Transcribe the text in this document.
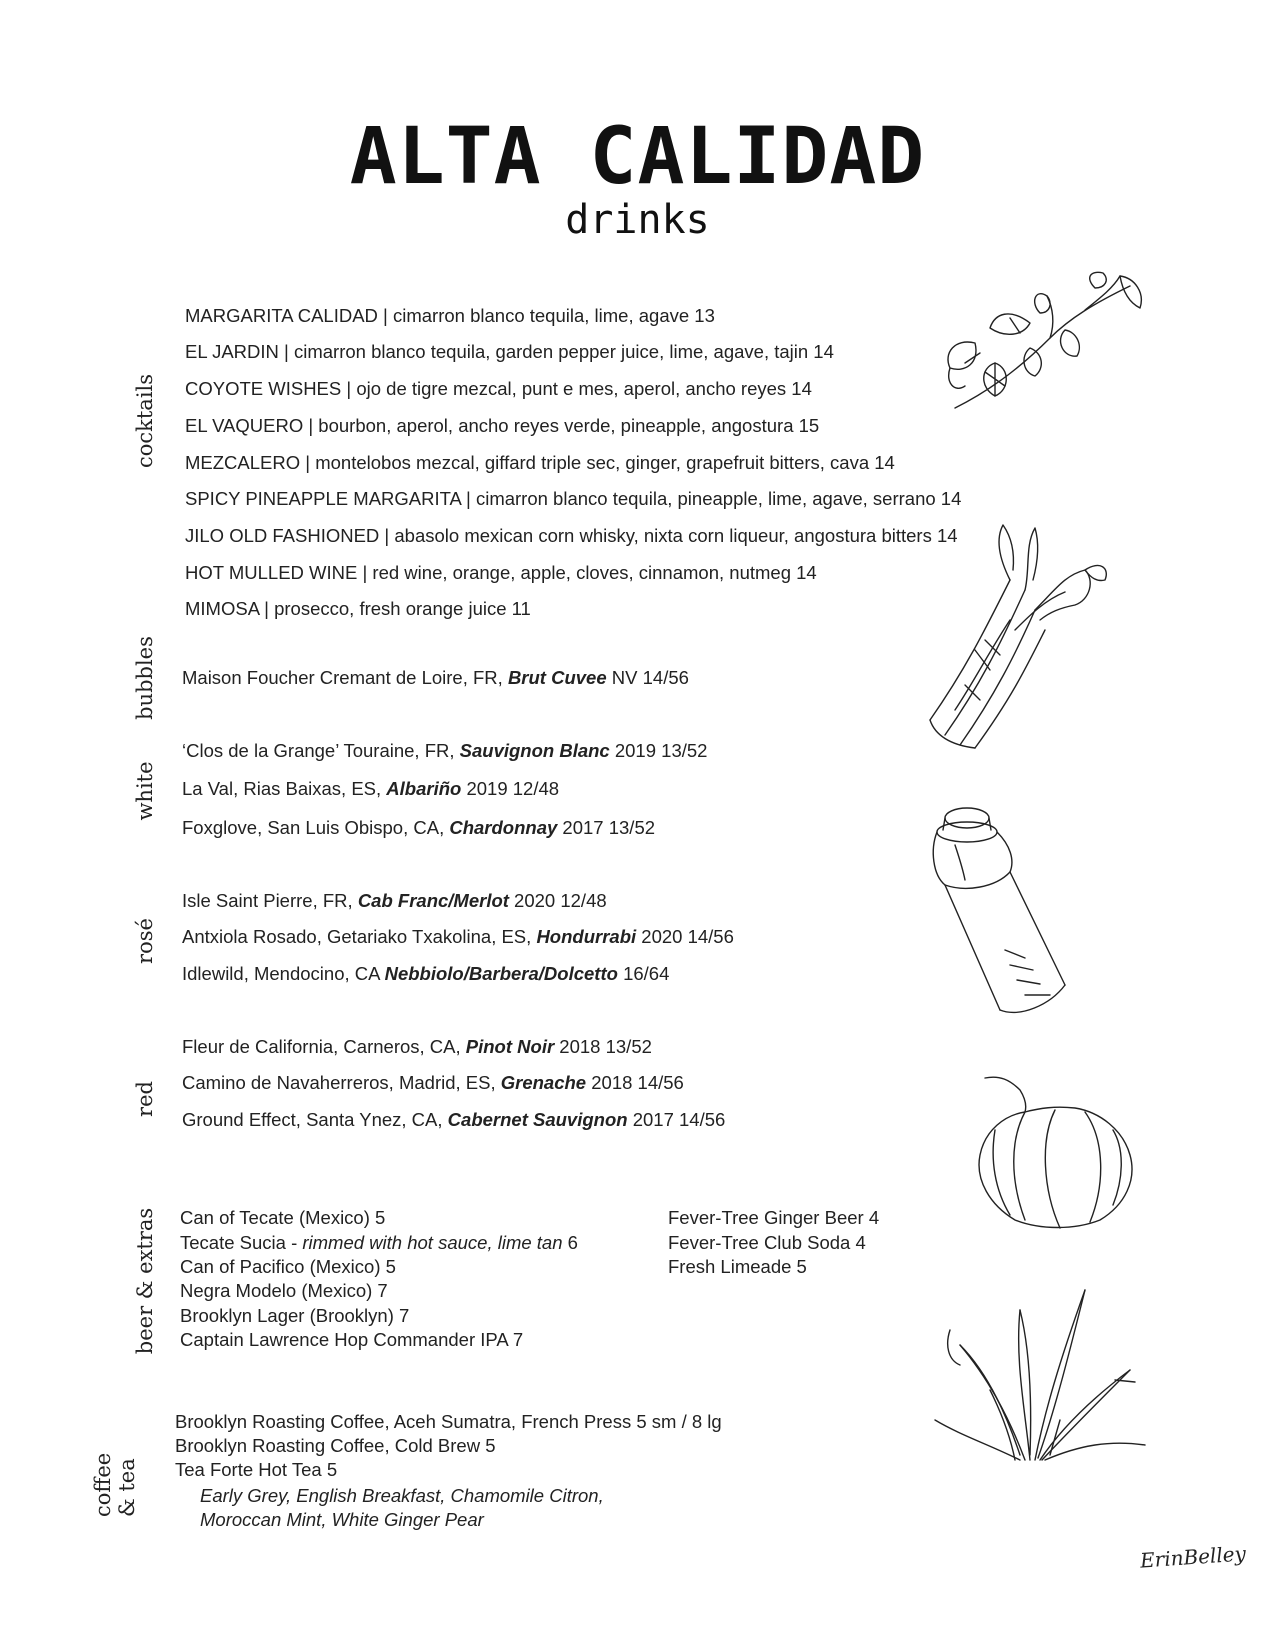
ALTA CALIDAD
drinks
cocktails
bubbles
white
rosé
red
beer & extras
coffee & tea
MARGARITA CALIDAD | cimarron blanco tequila, lime, agave 13
EL JARDIN | cimarron blanco tequila, garden pepper juice, lime, agave, tajin 14
COYOTE WISHES | ojo de tigre mezcal, punt e mes, aperol, ancho reyes 14
EL VAQUERO | bourbon, aperol, ancho reyes verde, pineapple, angostura 15
MEZCALERO | montelobos mezcal, giffard triple sec, ginger, grapefruit bitters, cava 14
SPICY PINEAPPLE MARGARITA | cimarron blanco tequila, pineapple, lime, agave, serrano 14
JILO OLD FASHIONED | abasolo mexican corn whisky, nixta corn liqueur, angostura bitters 14
HOT MULLED WINE | red wine, orange, apple, cloves, cinnamon, nutmeg 14
MIMOSA | prosecco, fresh orange juice 11
Maison Foucher Cremant de Loire, FR, Brut Cuvee NV 14/56
‘Clos de la Grange’ Touraine, FR, Sauvignon Blanc 2019 13/52
La Val, Rias Baixas, ES, Albariño 2019 12/48
Foxglove, San Luis Obispo, CA, Chardonnay 2017 13/52
Isle Saint Pierre, FR, Cab Franc/Merlot 2020 12/48
Antxiola Rosado, Getariako Txakolina, ES, Hondurrabi 2020 14/56
Idlewild, Mendocino, CA Nebbiolo/Barbera/Dolcetto 16/64
Fleur de California, Carneros, CA, Pinot Noir 2018 13/52
Camino de Navaherreros, Madrid, ES, Grenache 2018 14/56
Ground Effect, Santa Ynez, CA, Cabernet Sauvignon 2017 14/56
Can of Tecate (Mexico) 5
Tecate Sucia - rimmed with hot sauce, lime tan 6
Can of Pacifico (Mexico) 5
Negra Modelo (Mexico) 7
Brooklyn Lager (Brooklyn) 7
Captain Lawrence Hop Commander IPA 7
Fever-Tree Ginger Beer 4
Fever-Tree Club Soda 4
Fresh Limeade 5
Brooklyn Roasting Coffee, Aceh Sumatra, French Press 5 sm / 8 lg
Brooklyn Roasting Coffee, Cold Brew 5
Tea Forte Hot Tea 5
Early Grey, English Breakfast, Chamomile Citron,
Moroccan Mint, White Ginger Pear
ErinBelley
